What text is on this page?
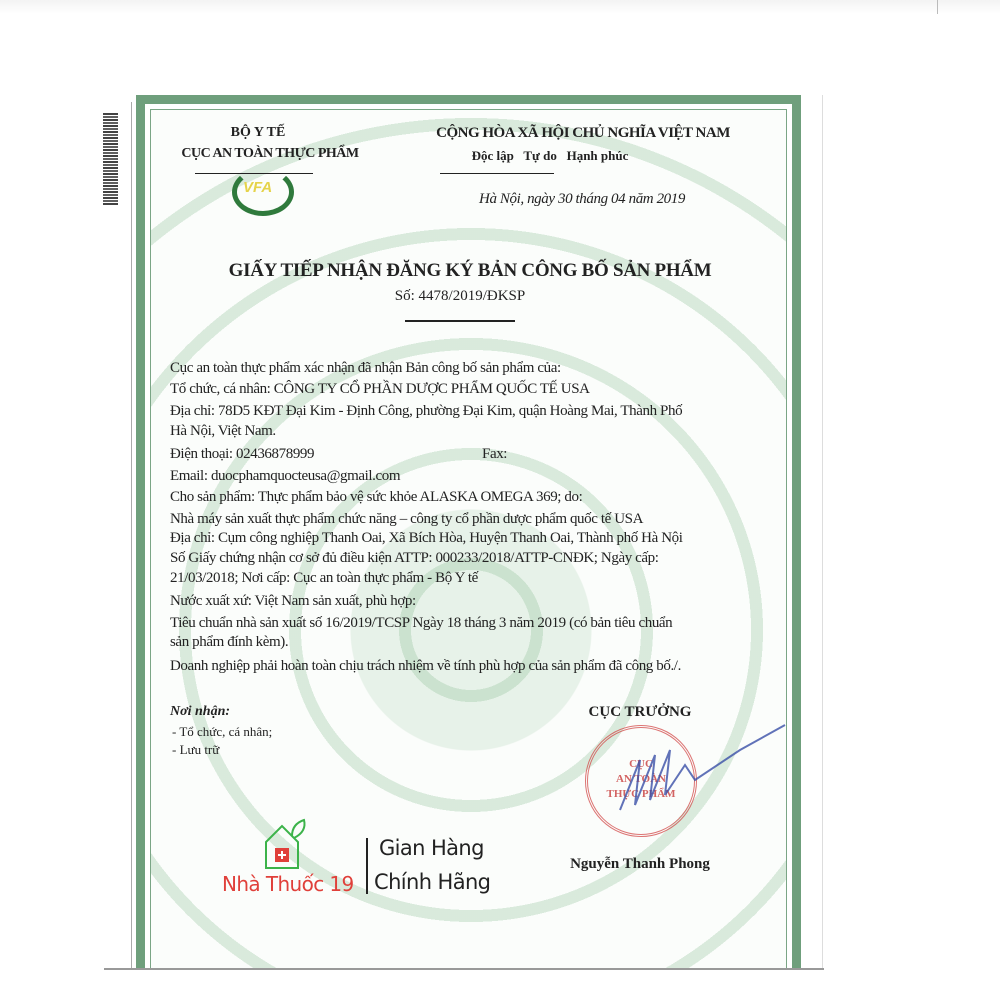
VFA
BỘ Y TẾ
CỤC AN TOÀN THỰC PHẨM
CỘNG HÒA XÃ HỘI CHỦ NGHĨA VIỆT NAM
Độc lập   Tự do   Hạnh phúc
Hà Nội, ngày 30 tháng 04 năm 2019
GIẤY TIẾP NHẬN ĐĂNG KÝ BẢN CÔNG BỐ SẢN PHẨM
Số: 4478/2019/ĐKSP
Cục an toàn thực phẩm xác nhận đã nhận Bản công bố sản phẩm của:
Tổ chức, cá nhân: CÔNG TY CỔ PHẦN DƯỢC PHẨM QUỐC TẾ USA
Địa chỉ: 78D5 KĐT Đại Kim - Định Công, phường Đại Kim, quận Hoàng Mai, Thành Phố
Hà Nội, Việt Nam.
Điện thoại: 02436878999	Fax:
Email: duocphamquocteusa@gmail.com
Cho sản phẩm: Thực phẩm bảo vệ sức khỏe ALASKA OMEGA 369; do:
Nhà máy sản xuất thực phẩm chức năng – công ty cổ phần dược phẩm quốc tế USA
Địa chỉ: Cụm công nghiệp Thanh Oai, Xã Bích Hòa, Huyện Thanh Oai, Thành phố Hà Nội
Số Giấy chứng nhận cơ sở đủ điều kiện ATTP: 000233/2018/ATTP-CNĐK; Ngày cấp:
21/03/2018; Nơi cấp: Cục an toàn thực phẩm - Bộ Y tế
Nước xuất xứ: Việt Nam sản xuất, phù hợp:
Tiêu chuẩn nhà sản xuất số 16/2019/TCSP Ngày 18 tháng 3 năm 2019 (có bản tiêu chuẩn
sản phẩm đính kèm).
Doanh nghiệp phải hoàn toàn chịu trách nhiệm về tính phù hợp của sản phẩm đã công bố./.
Nơi nhận:
- Tổ chức, cá nhân;
- Lưu trữ
CỤC TRƯỞNG
CỤC
AN TOÀN
THỰC PHẨM
Nguyễn Thanh Phong
Nhà Thuốc 19
Gian Hàng
Chính Hãng
